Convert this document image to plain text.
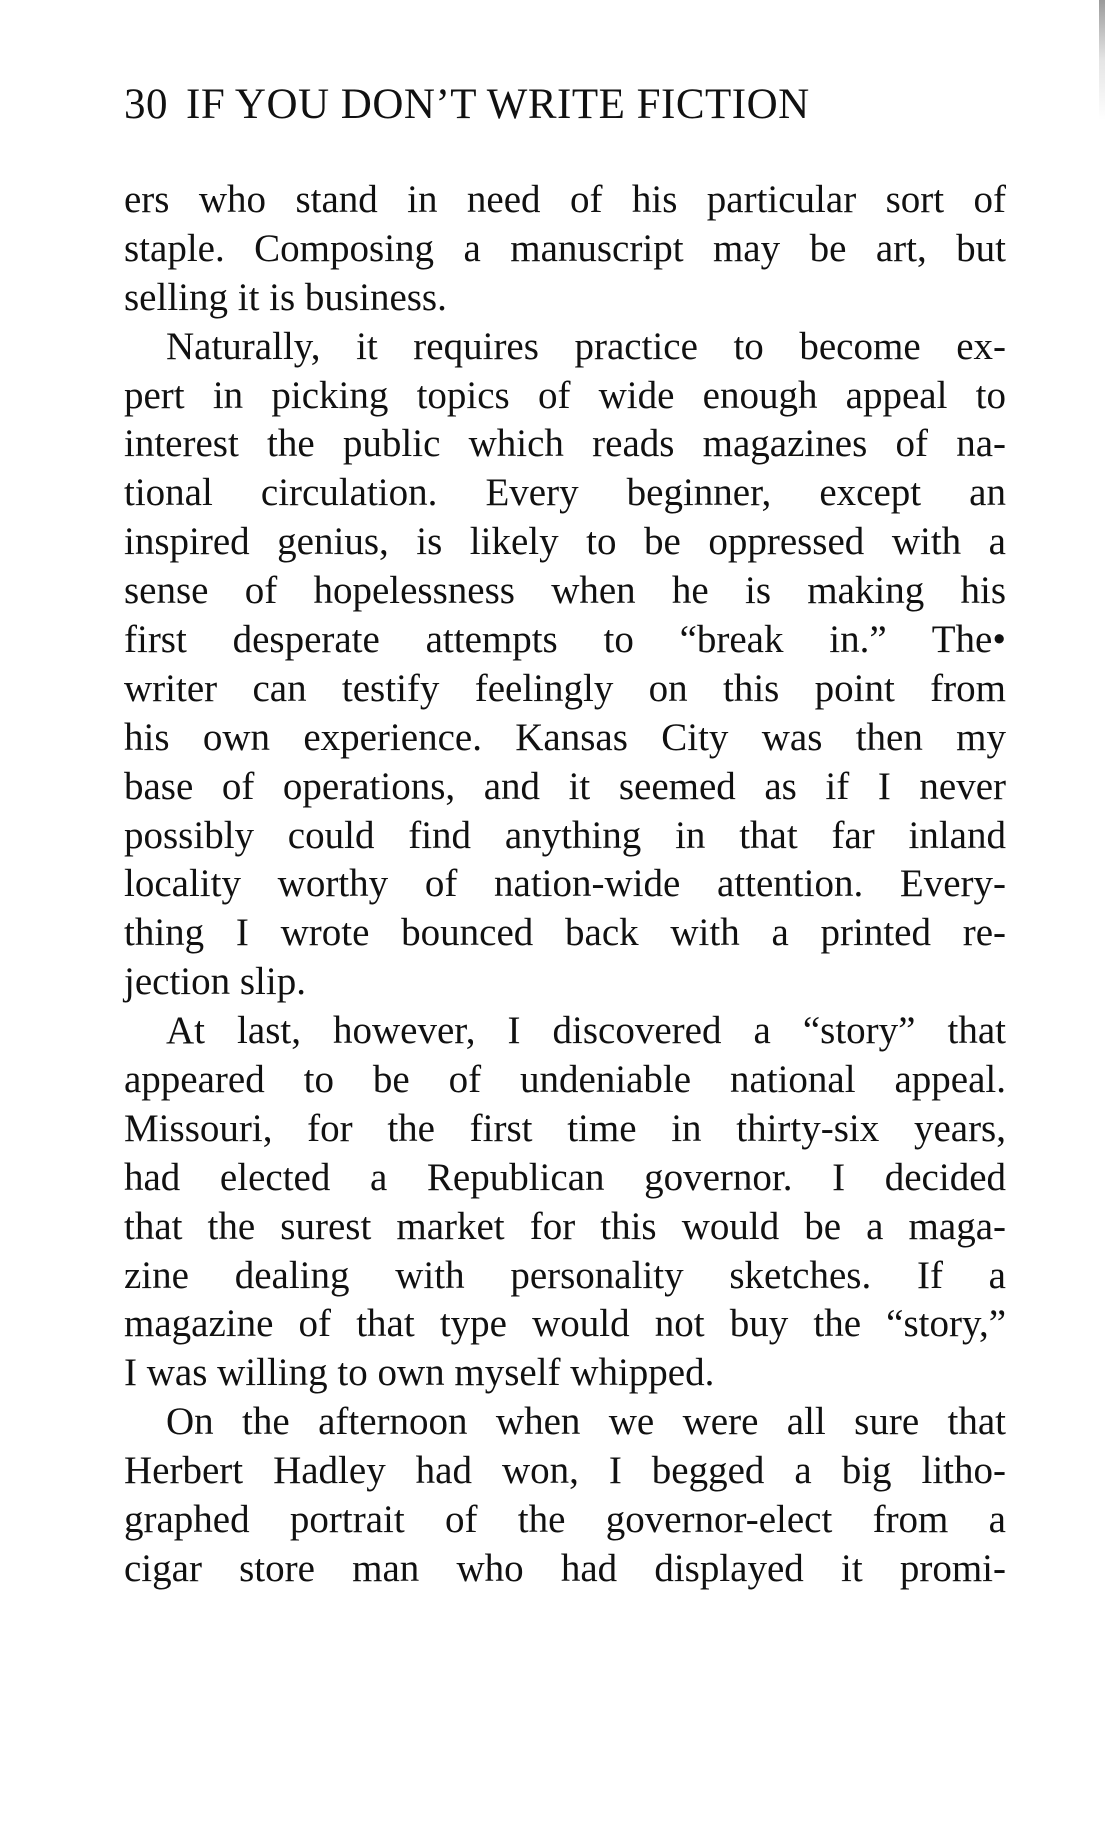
30 IF YOU DON’T WRITE FICTION
ers who stand in need of his particular sort of
staple. Composing a manuscript may be art, but
selling it is business.
Naturally, it requires practice to become ex-
pert in picking topics of wide enough appeal to
interest the public which reads magazines of na-
tional circulation. Every beginner, except an
inspired genius, is likely to be oppressed with a
sense of hopelessness when he is making his
first desperate attempts to “break in.” The•
writer can testify feelingly on this point from
his own experience. Kansas City was then my
base of operations, and it seemed as if I never
possibly could find anything in that far inland
locality worthy of nation-wide attention. Every-
thing I wrote bounced back with a printed re-
jection slip.
At last, however, I discovered a “story” that
appeared to be of undeniable national appeal.
Missouri, for the first time in thirty-six years,
had elected a Republican governor. I decided
that the surest market for this would be a maga-
zine dealing with personality sketches. If a
magazine of that type would not buy the “story,”
I was willing to own myself whipped.
On the afternoon when we were all sure that
Herbert Hadley had won, I begged a big litho-
graphed portrait of the governor-elect from a
cigar store man who had displayed it promi-
